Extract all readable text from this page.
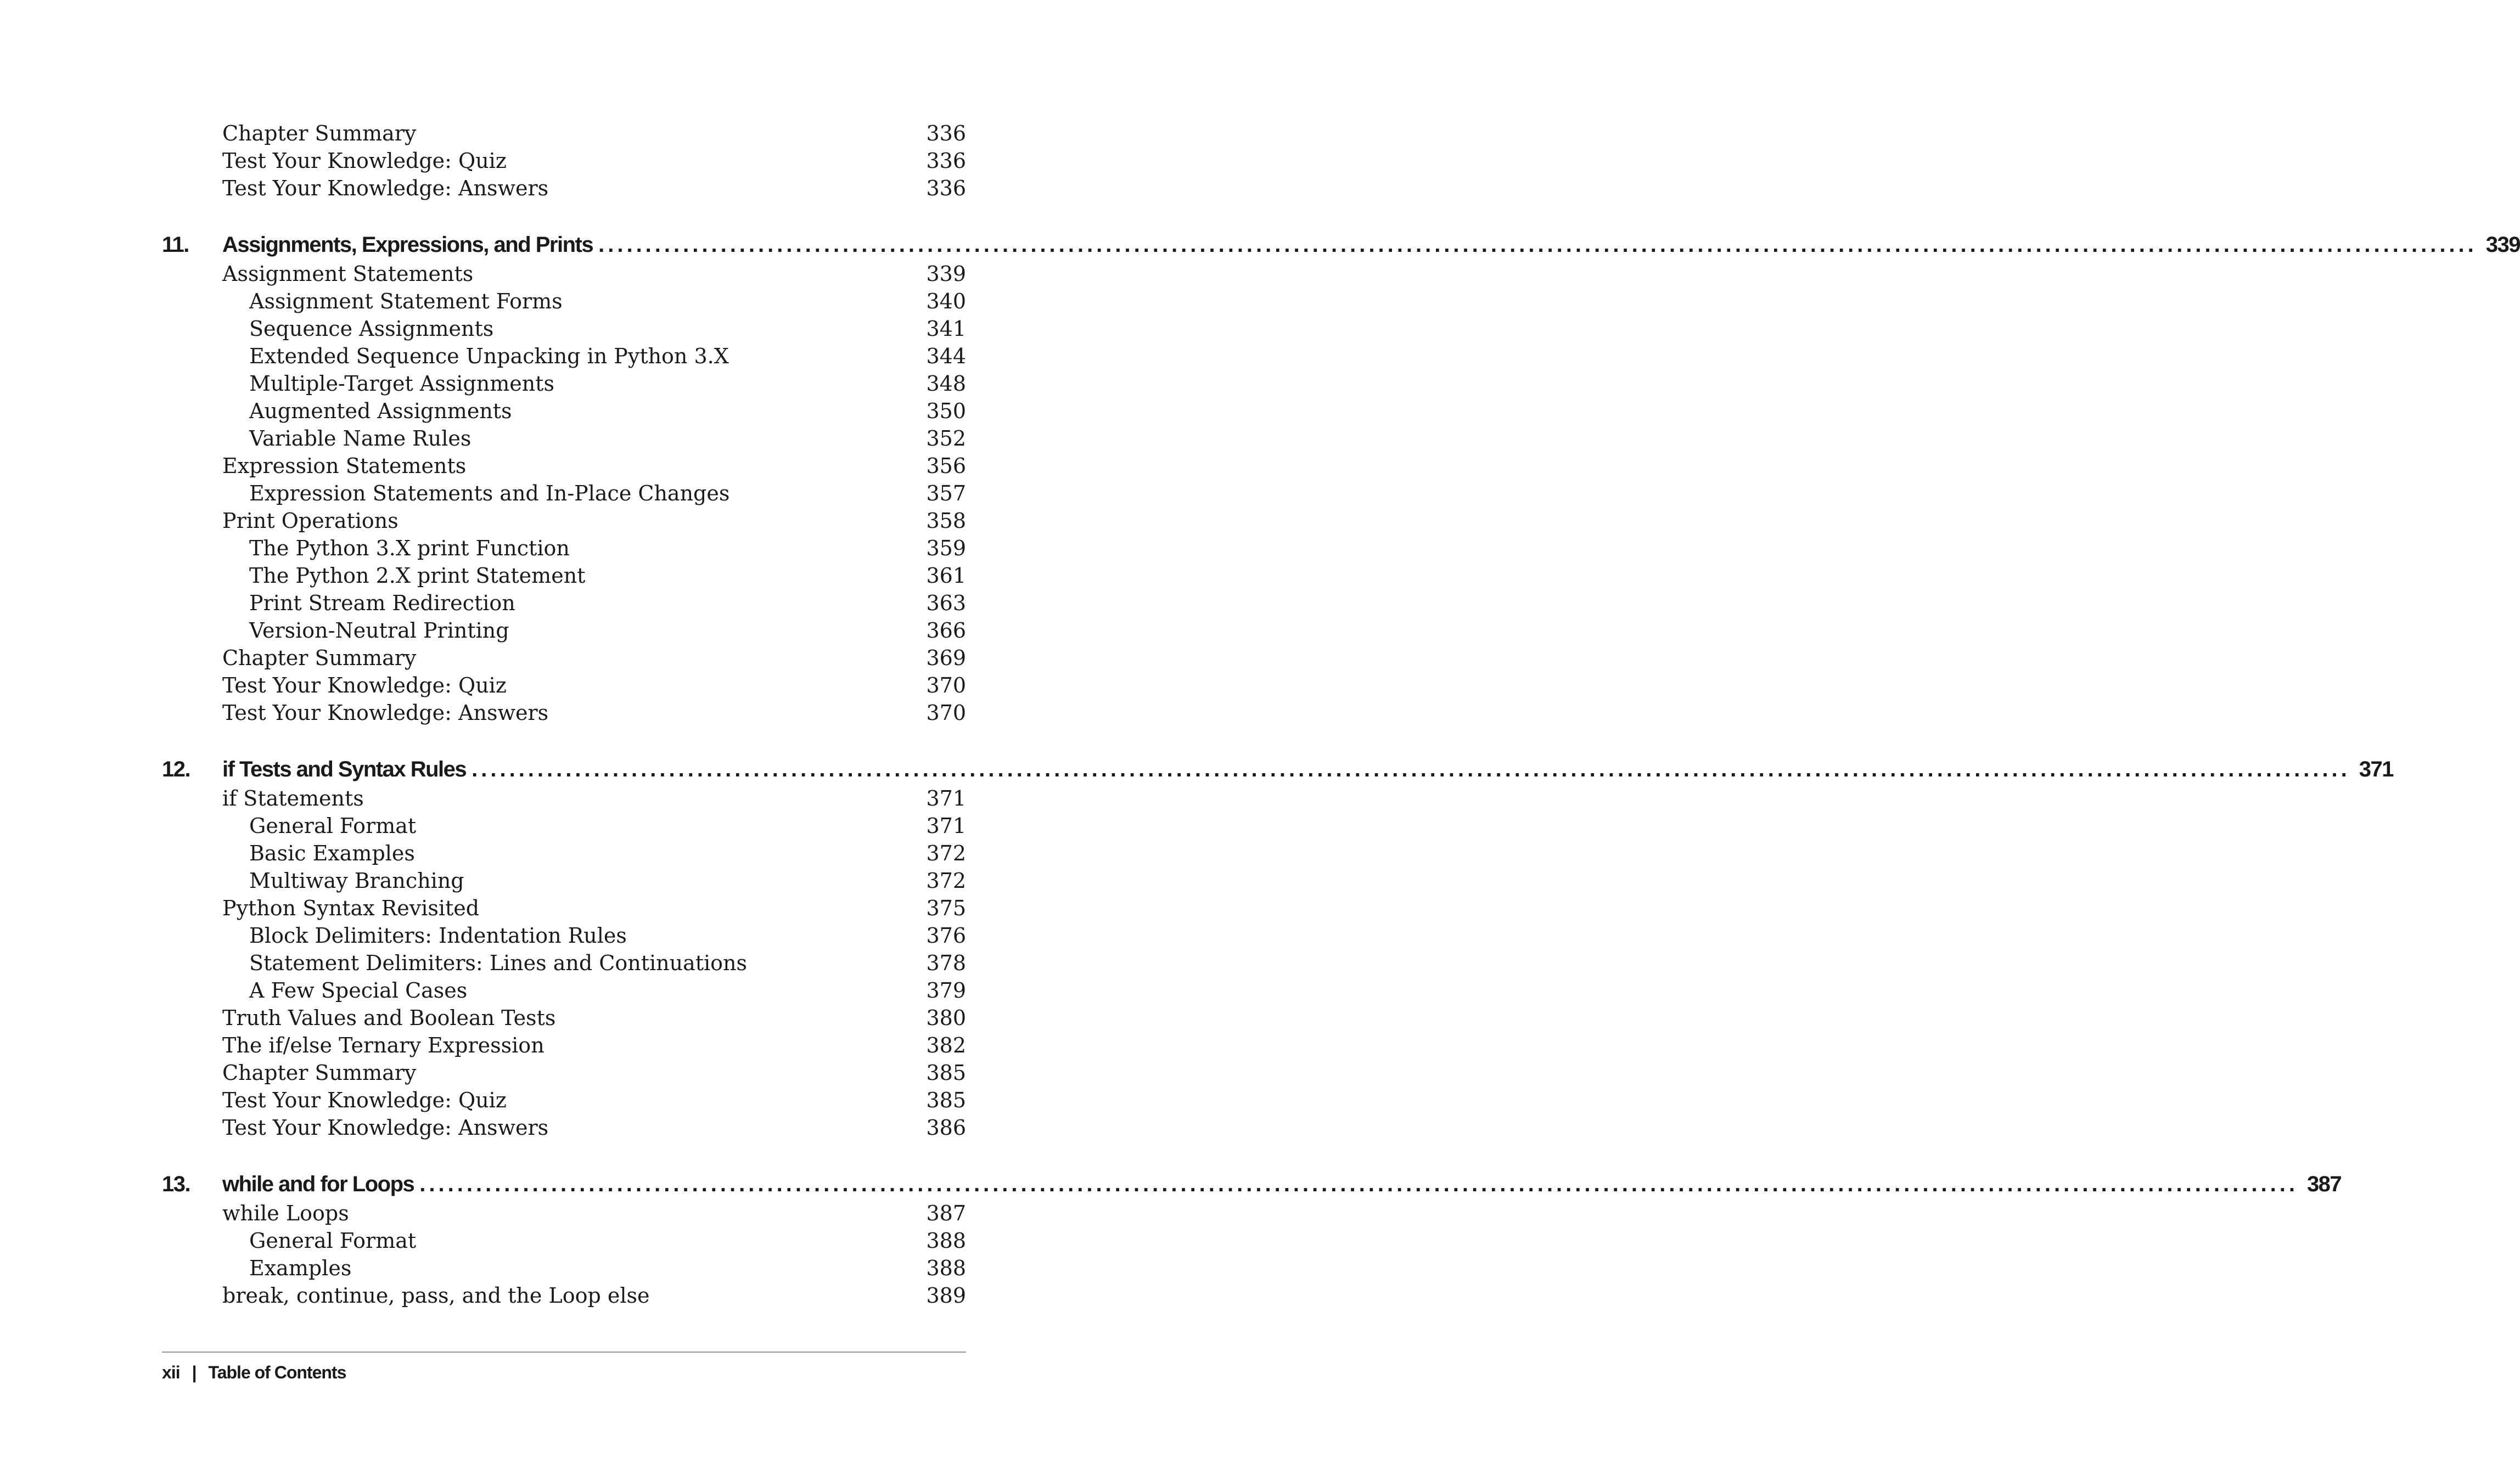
Chapter Summary	336
Test Your Knowledge: Quiz	336
Test Your Knowledge: Answers	336
11. Assignments, Expressions, and Prints ........................................................................................................................................................................................................ 339
Assignment Statements	339
Assignment Statement Forms	340
Sequence Assignments	341
Extended Sequence Unpacking in Python 3.X	344
Multiple-Target Assignments	348
Augmented Assignments	350
Variable Name Rules	352
Expression Statements	356
Expression Statements and In-Place Changes	357
Print Operations	358
The Python 3.X print Function	359
The Python 2.X print Statement	361
Print Stream Redirection	363
Version-Neutral Printing	366
Chapter Summary	369
Test Your Knowledge: Quiz	370
Test Your Knowledge: Answers	370
12. if Tests and Syntax Rules ........................................................................................................................................................................................................ 371
if Statements	371
General Format	371
Basic Examples	372
Multiway Branching	372
Python Syntax Revisited	375
Block Delimiters: Indentation Rules	376
Statement Delimiters: Lines and Continuations	378
A Few Special Cases	379
Truth Values and Boolean Tests	380
The if/else Ternary Expression	382
Chapter Summary	385
Test Your Knowledge: Quiz	385
Test Your Knowledge: Answers	386
13. while and for Loops ........................................................................................................................................................................................................ 387
while Loops	387
General Format	388
Examples	388
break, continue, pass, and the Loop else	389
xii | Table of Contents
